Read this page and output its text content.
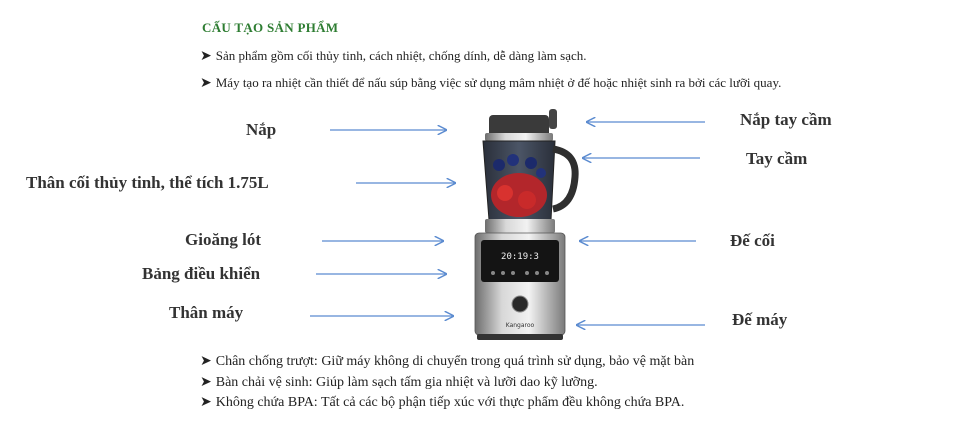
CẤU TẠO SẢN PHẨM
➤ Sản phẩm gồm cối thủy tinh, cách nhiệt, chống dính, dễ dàng làm sạch.
➤ Máy tạo ra nhiệt cần thiết để nấu súp bằng việc sử dụng mâm nhiệt ở đế hoặc nhiệt sinh ra bởi các lưỡi quay.
Nắp
Thân cối thủy tinh, thể tích 1.75L
Gioăng lót
Bảng điều khiển
Thân máy
Nắp tay cầm
Tay cầm
Đế cối
Đế máy
20:19:3
Kangaroo
➤ Chân chống trượt: Giữ máy không di chuyển trong quá trình sử dụng, bảo vệ mặt bàn
➤ Bàn chải vệ sinh: Giúp làm sạch tấm gia nhiệt và lưỡi dao kỹ lưỡng.
➤ Không chứa BPA: Tất cả các bộ phận tiếp xúc với thực phẩm đều không chứa BPA.
